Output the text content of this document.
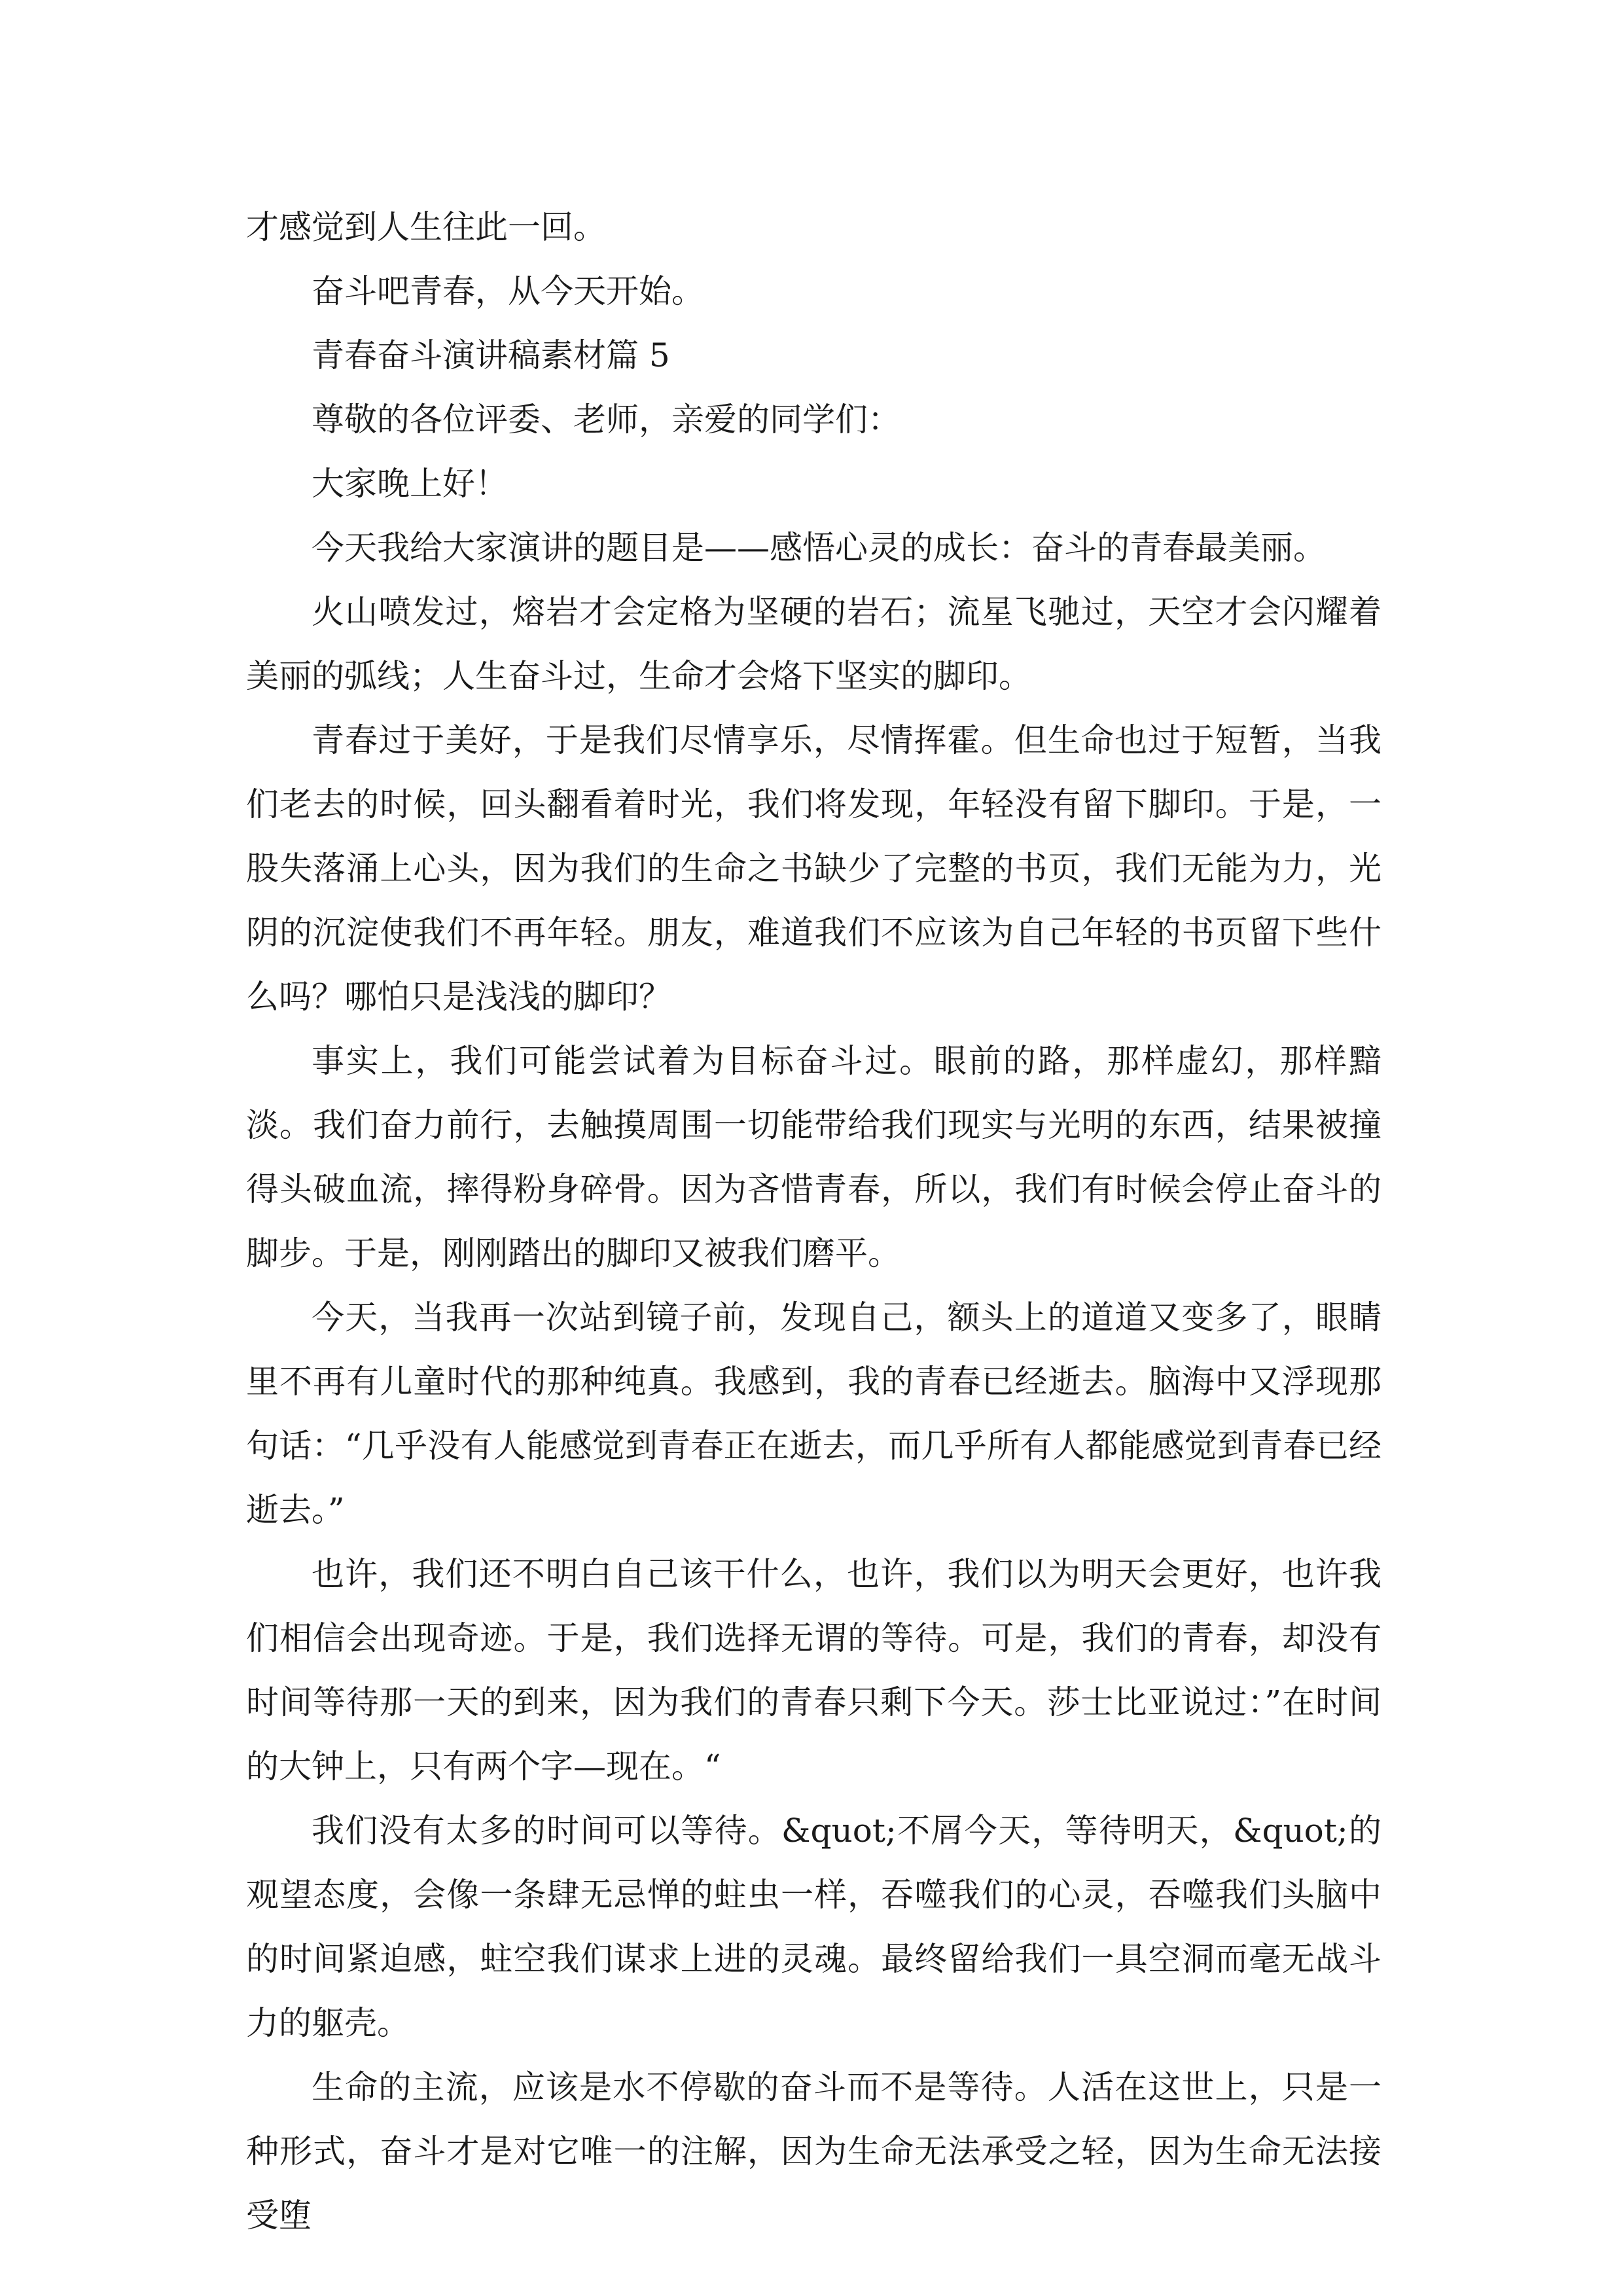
才感觉到人生往此一回。

奋斗吧青春，从今天开始。

青春奋斗演讲稿素材篇 5

尊敬的各位评委、老师，亲爱的同学们：

大家晚上好！

今天我给大家演讲的题目是——感悟心灵的成长：奋斗的青春最美丽。

火山喷发过，熔岩才会定格为坚硬的岩石；流星飞驰过，天空才会闪耀着美丽的弧线；人生奋斗过，生命才会烙下坚实的脚印。

青春过于美好，于是我们尽情享乐，尽情挥霍。但生命也过于短暂，当我们老去的时候，回头翻看着时光，我们将发现，年轻没有留下脚印。于是，一股失落涌上心头，因为我们的生命之书缺少了完整的书页，我们无能为力，光阴的沉淀使我们不再年轻。朋友，难道我们不应该为自己年轻的书页留下些什么吗？哪怕只是浅浅的脚印？

事实上，我们可能尝试着为目标奋斗过。眼前的路，那样虚幻，那样黯淡。我们奋力前行，去触摸周围一切能带给我们现实与光明的东西，结果被撞得头破血流，摔得粉身碎骨。因为吝惜青春，所以，我们有时候会停止奋斗的脚步。于是，刚刚踏出的脚印又被我们磨平。

今天，当我再一次站到镜子前，发现自己，额头上的道道又变多了，眼睛里不再有儿童时代的那种纯真。我感到，我的青春已经逝去。脑海中又浮现那句话：“几乎没有人能感觉到青春正在逝去，而几乎所有人都能感觉到青春已经逝去。”

也许，我们还不明白自己该干什么，也许，我们以为明天会更好，也许我们相信会出现奇迹。于是，我们选择无谓的等待。可是，我们的青春，却没有时间等待那一天的到来，因为我们的青春只剩下今天。莎士比亚说过：”在时间的大钟上，只有两个字—现在。“

我们没有太多的时间可以等待。&quot;不屑今天，等待明天，&quot;的观望态度，会像一条肆无忌惮的蛀虫一样，吞噬我们的心灵，吞噬我们头脑中的时间紧迫感，蛀空我们谋求上进的灵魂。最终留给我们一具空洞而毫无战斗力的躯壳。

生命的主流，应该是水不停歇的奋斗而不是等待。人活在这世上，只是一种形式，奋斗才是对它唯一的注解，因为生命无法承受之轻，因为生命无法接受堕
